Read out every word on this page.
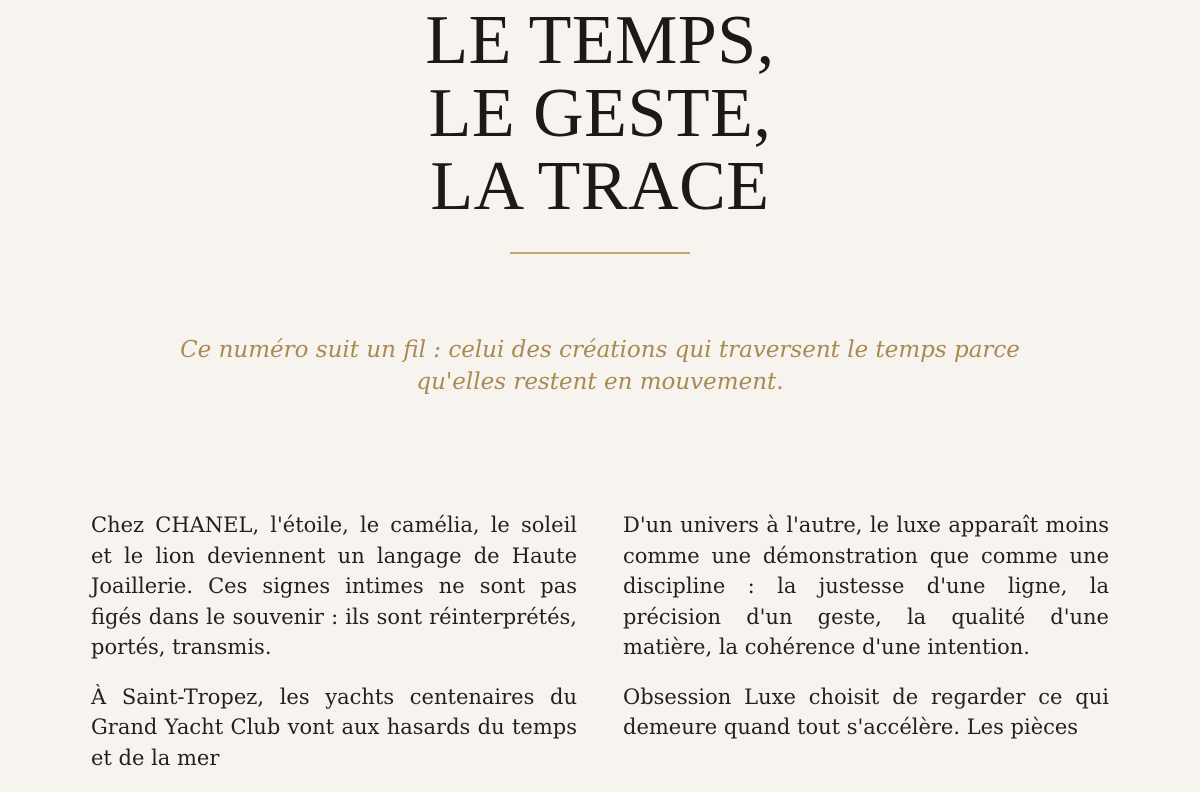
LE TEMPS,
LE GESTE,
LA TRACE

Ce numéro suit un fil : celui des créations qui traversent le temps parce qu'elles restent en mouvement.

Chez CHANEL, l'étoile, le camélia, le soleil et le lion deviennent un langage de Haute Joaillerie. Ces signes intimes ne sont pas figés dans le souvenir : ils sont réinterprétés, portés, transmis.

À Saint-Tropez, les yachts centenaires du Grand Yacht Club vont aux hasards du temps et de la mer

D'un univers à l'autre, le luxe apparaît moins comme une démonstration que comme une discipline : la justesse d'une ligne, la précision d'un geste, la qualité d'une matière, la cohérence d'une intention.

Obsession Luxe choisit de regarder ce qui demeure quand tout s'accélère. Les pièces
